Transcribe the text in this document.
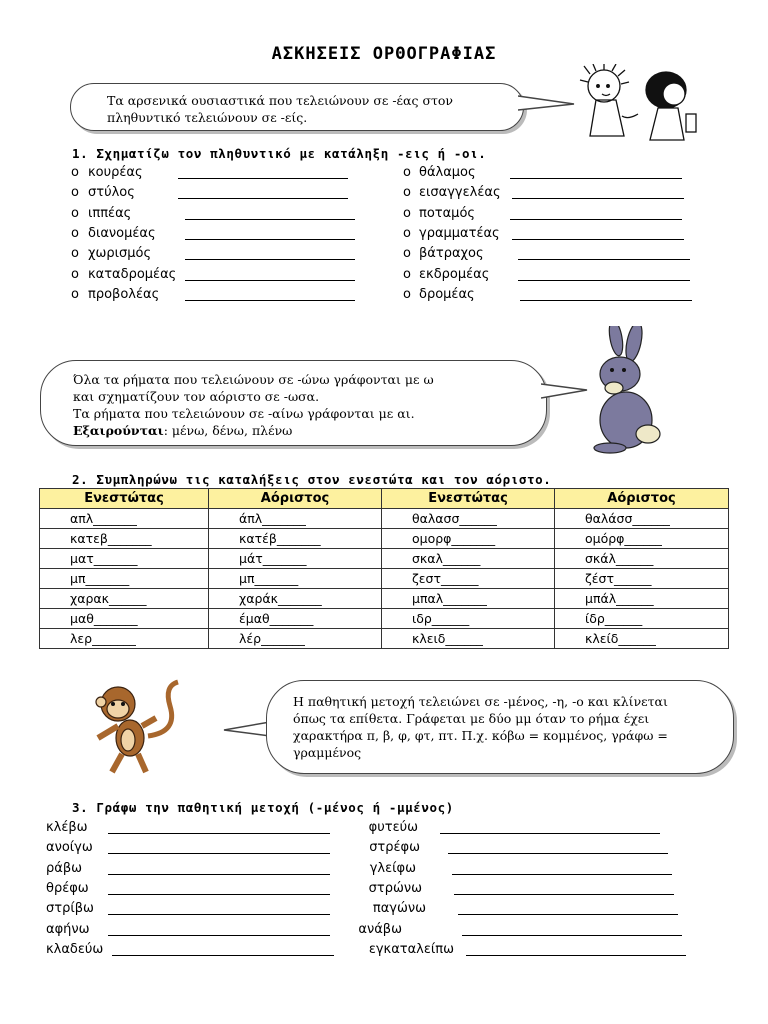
ΑΣΚΗΣΕΙΣ ΟΡΘΟΓΡΑΦΙΑΣ

Τα αρσενικά ουσιαστικά που τελειώνουν σε -έας στον

πληθυντικό τελειώνουν σε -είς.

1. Σχηματίζω τον πληθυντικό με κατάληξη -εις ή -οι.
o κουρέας
o στύλος
o ιππέας
o διανομέας
o χωρισμός
o καταδρομέας
o προβολέας
o θάλαμος
o εισαγγελέας
o ποταμός
o γραμματέας
o βάτραχος
o εκδρομέας
o δρομέας

Όλα τα ρήματα που τελειώνουν σε -ώνω γράφονται με ω

και σχηματίζουν τον αόριστο σε -ωσα.

Τα ρήματα που τελειώνουν σε -αίνω γράφονται με αι.

Εξαιρούνται: μένω, δένω, πλένω

2. Συμπληρώνω τις καταλήξεις στον ενεστώτα και τον αόριστο.
Ενεστώτας	Αόριστος	Ενεστώτας	Αόριστος
απλ_______	άπλ_______	θαλασσ______	θαλάσσ______
κατεβ_______	κατέβ_______	ομορφ_______	ομόρφ______
ματ_______	μάτ_______	σκαλ______	σκάλ______
μπ_______	μπ_______	ζεστ______	ζέστ______
χαρακ______	χαράκ_______	μπαλ_______	μπάλ______
μαθ_______	έμαθ_______	ιδρ______	ίδρ______
λερ_______	λέρ_______	κλειδ______	κλείδ______

Η παθητική μετοχή τελειώνει σε -μένος, -η, -ο και κλίνεται

όπως τα επίθετα. Γράφεται με δύο μμ όταν το ρήμα έχει

χαρακτήρα π, β, φ, φτ, πτ. Π.χ. κόβω = κομμένος, γράφω =

γραμμένος

3. Γράφω την παθητική μετοχή (-μένος ή -μμένος)
κλέβω
ανοίγω
ράβω
θρέφω
στρίβω
αφήνω
κλαδεύω
φυτεύω
στρέφω
γλείφω
στρώνω
παγώνω
ανάβω
εγκαταλείπω
